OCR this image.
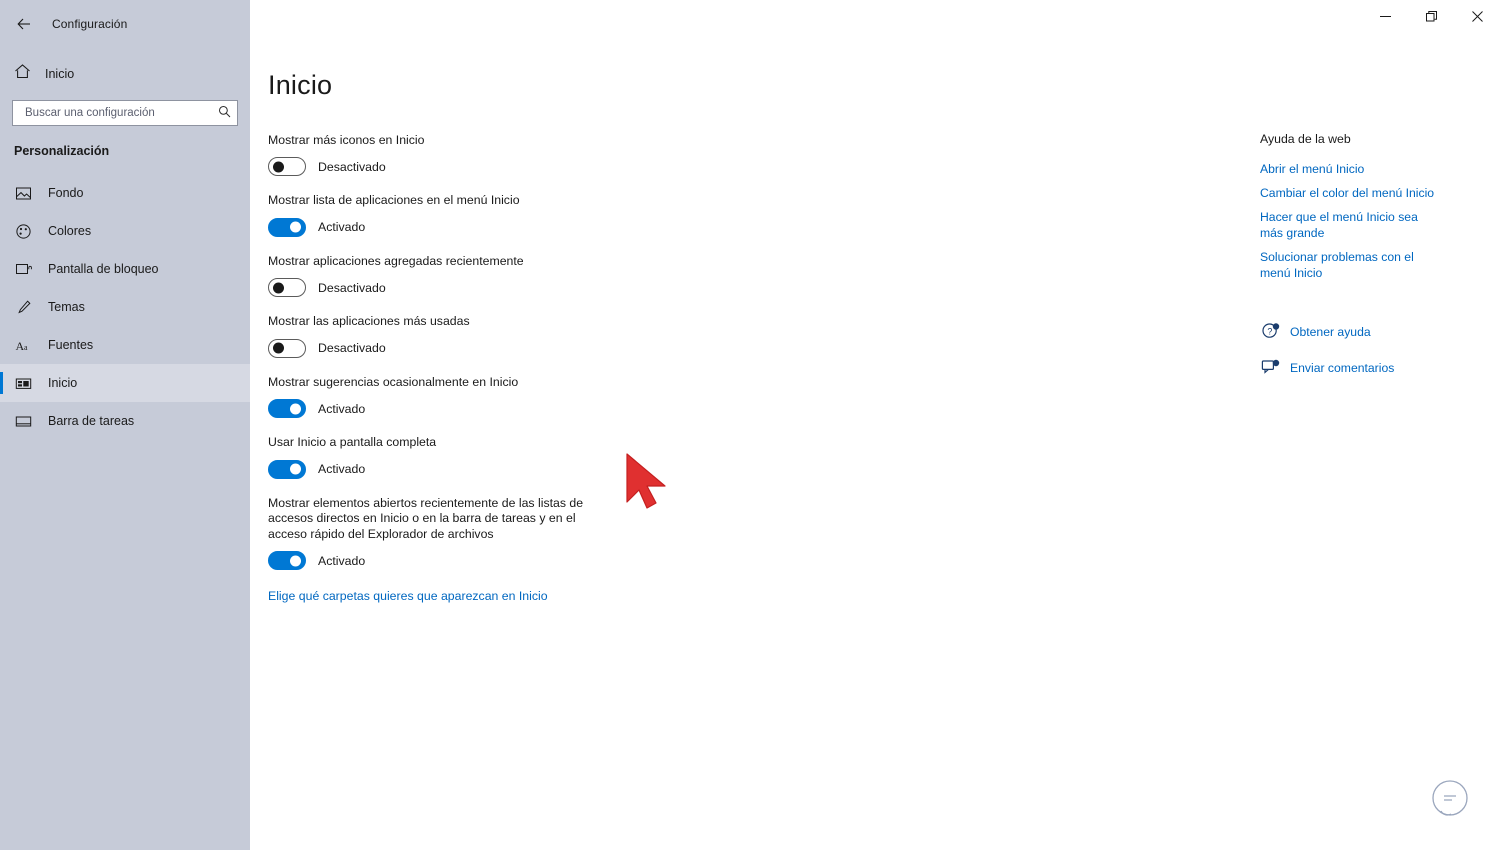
Configuración
Inicio
Buscar una configuración
Personalización
Fondo
Colores
Pantalla de bloqueo
Temas
A a Fuentes
Inicio
Barra de tareas
Inicio
Mostrar más iconos en Inicio
Desactivado
Mostrar lista de aplicaciones en el menú Inicio
Activado
Mostrar aplicaciones agregadas recientemente
Desactivado
Mostrar las aplicaciones más usadas
Desactivado
Mostrar sugerencias ocasionalmente en Inicio
Activado
Usar Inicio a pantalla completa
Activado
Mostrar elementos abiertos recientemente de las listas de accesos directos en Inicio o en la barra de tareas y en el acceso rápido del Explorador de archivos
Activado
Elige qué carpetas quieres que aparezcan en Inicio
Ayuda de la web
Abrir el menú Inicio
Cambiar el color del menú Inicio
Hacer que el menú Inicio sea más grande
Solucionar problemas con el menú Inicio
? Obtener ayuda
Enviar comentarios
